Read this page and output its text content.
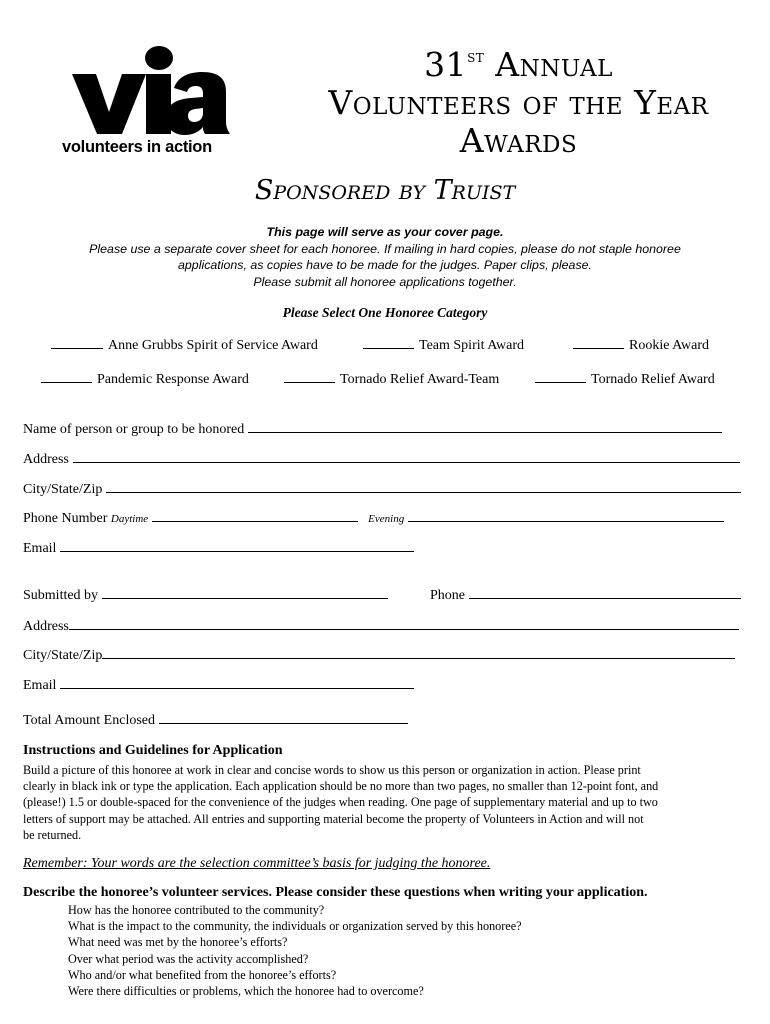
volunteers in action
31st Annual
Volunteers of the Year
Awards
Sponsored by Truist
This page will serve as your cover page.
Please use a separate cover sheet for each honoree. If mailing in hard copies, please do not staple honoree
applications, as copies have to be made for the judges. Paper clips, please.
Please submit all honoree applications together.
Please Select One Honoree Category
Anne Grubbs Spirit of Service Award	Team Spirit Award	Rookie Award
Pandemic Response Award	Tornado Relief Award-Team	Tornado Relief Award
Name of person or group to be honored
Address
City/State/Zip
Phone Number Daytime	Evening
Email
Submitted by	Phone
Address
City/State/Zip
Email
Total Amount Enclosed
Instructions and Guidelines for Application
Build a picture of this honoree at work in clear and concise words to show us this person or organization in action. Please print
clearly in black ink or type the application. Each application should be no more than two pages, no smaller than 12-point font, and
(please!) 1.5 or double-spaced for the convenience of the judges when reading. One page of supplementary material and up to two
letters of support may be attached. All entries and supporting material become the property of Volunteers in Action and will not
be returned.
Remember: Your words are the selection committee’s basis for judging the honoree.
Describe the honoree’s volunteer services. Please consider these questions when writing your application.
How has the honoree contributed to the community?
What is the impact to the community, the individuals or organization served by this honoree?
What need was met by the honoree’s efforts?
Over what period was the activity accomplished?
Who and/or what benefited from the honoree’s efforts?
Were there difficulties or problems, which the honoree had to overcome?
